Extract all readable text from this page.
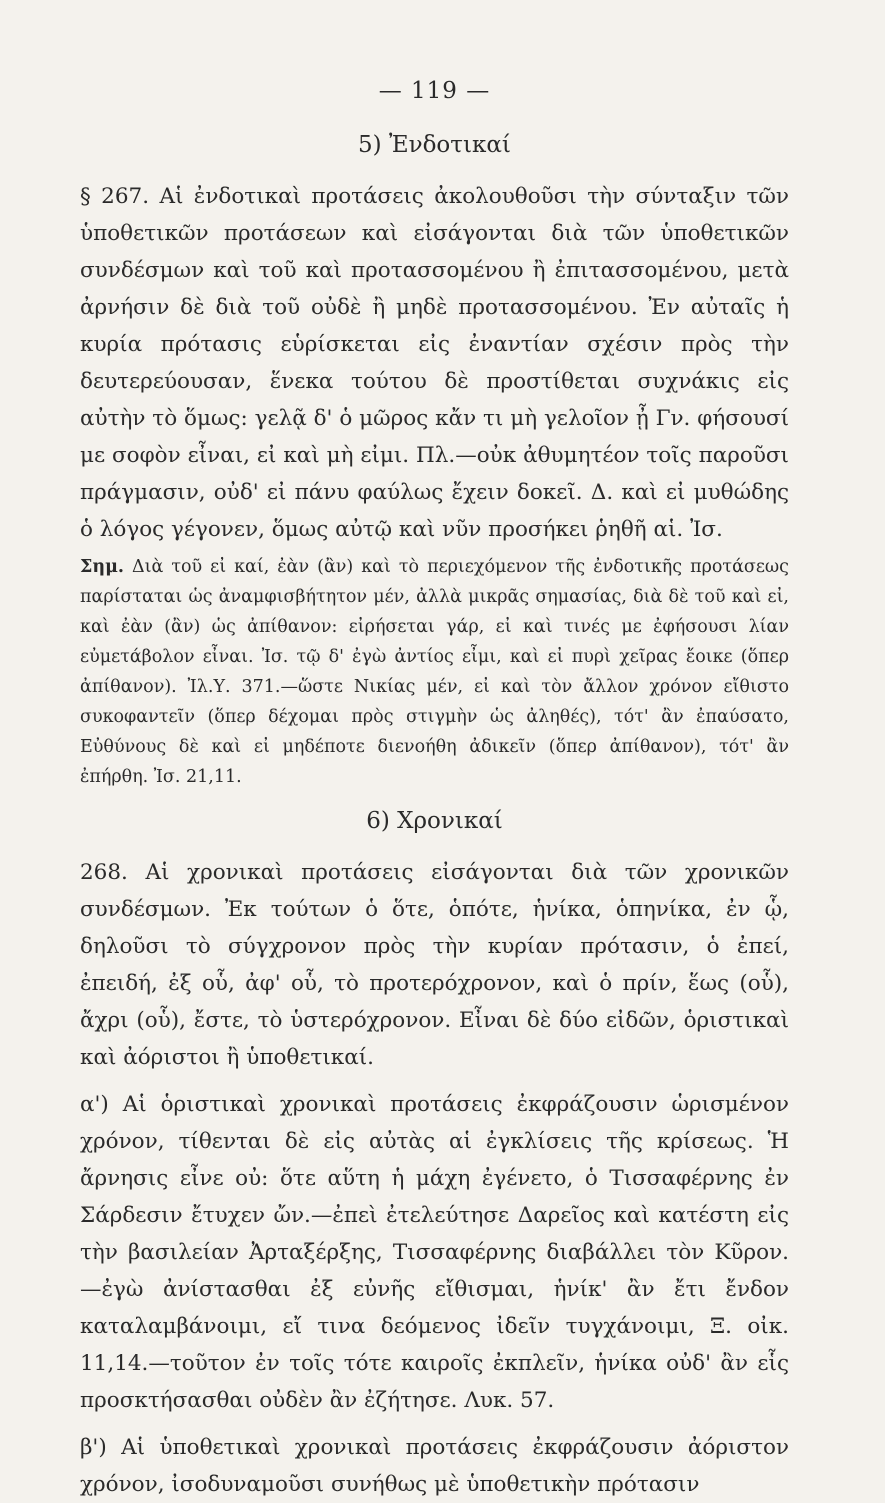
— 119 —
5) Ἐνδοτικαί

§ 267. Αἱ ἐνδοτικαὶ προτάσεις ἀκολουθοῦσι τὴν σύνταξιν τῶν ὑποθετικῶν προτάσεων καὶ εἰσάγονται διὰ τῶν ὑποθετικῶν συνδέσμων καὶ τοῦ καὶ προτασσομένου ἢ ἐπιτασσομένου, μετὰ ἀρνήσιν δὲ διὰ τοῦ οὐδὲ ἢ μηδὲ προτασσομένου. Ἐν αὐταῖς ἡ κυρία πρότασις εὑρίσκεται εἰς ἐναντίαν σχέσιν πρὸς τὴν δευτερεύουσαν, ἕνεκα τούτου δὲ προστίθεται συχνάκις εἰς αὐτὴν τὸ ὅμως: γελᾷ δ' ὁ μῶρος κἄν τι μὴ γελοῖον ᾖ Γν. φήσουσί με σοφὸν εἶναι, εἰ καὶ μὴ εἰμι. Πλ.—οὐκ ἀθυμητέον τοῖς παροῦσι πράγμασιν, οὐδ' εἰ πάνυ φαύλως ἔχειν δοκεῖ. Δ. καὶ εἰ μυθώδης ὁ λόγος γέγονεν, ὅμως αὐτῷ καὶ νῦν προσήκει ῥηθῆ αἱ. Ἰσ.

Σημ. Διὰ τοῦ εἰ καί, ἐὰν (ἂν) καὶ τὸ περιεχόμενον τῆς ἐνδοτικῆς προτάσεως παρίσταται ὡς ἀναμφισβήτητον μέν, ἀλλὰ μικρᾶς σημασίας, διὰ δὲ τοῦ καὶ εἰ, καὶ ἐὰν (ἂν) ὡς ἀπίθανον: εἰρήσεται γάρ, εἰ καὶ τινές με ἐφήσουσι λίαν εὐμετάβολον εἶναι. Ἰσ. τῷ δ' ἐγὼ ἀντίος εἶμι, καὶ εἰ πυρὶ χεῖρας ἔοικε (ὅπερ ἀπίθανον). Ἰλ.Υ. 371.—ὥστε Νικίας μέν, εἰ καὶ τὸν ἄλλον χρόνον εἴθιστο συκοφαντεῖν (ὅπερ δέχομαι πρὸς στιγμὴν ὡς ἀληθές), τότ' ἂν ἐπαύσατο, Εὐθύνους δὲ καὶ εἰ μηδέποτε διενοήθη ἀδικεῖν (ὅπερ ἀπίθανον), τότ' ἂν ἐπήρθη. Ἰσ. 21,11.

6) Χρονικαί

268. Αἱ χρονικαὶ προτάσεις εἰσάγονται διὰ τῶν χρονικῶν συνδέσμων. Ἐκ τούτων ὁ ὅτε, ὁπότε, ἡνίκα, ὁπηνίκα, ἐν ᾧ, δηλοῦσι τὸ σύγχρονον πρὸς τὴν κυρίαν πρότασιν, ὁ ἐπεί, ἐπειδή, ἐξ οὗ, ἀφ' οὗ, τὸ προτερόχρονον, καὶ ὁ πρίν, ἕως (οὗ), ἄχρι (οὗ), ἔστε, τὸ ὑστερόχρονον. Εἶναι δὲ δύο εἰδῶν, ὁριστικαὶ καὶ ἀόριστοι ἢ ὑποθετικαί.

α') Αἱ ὁριστικαὶ χρονικαὶ προτάσεις ἐκφράζουσιν ὡρισμένον χρόνον, τίθενται δὲ εἰς αὐτὰς αἱ ἐγκλίσεις τῆς κρίσεως. Ἡ ἄρνησις εἶνε οὐ: ὅτε αὕτη ἡ μάχη ἐγένετο, ὁ Τισσαφέρνης ἐν Σάρδεσιν ἔτυχεν ὤν.—ἐπεὶ ἐτελεύτησε Δαρεῖος καὶ κατέστη εἰς τὴν βασιλείαν Ἀρταξέρξης, Τισσαφέρνης διαβάλλει τὸν Κῦρον.—ἐγὼ ἀνίστασθαι ἐξ εὐνῆς εἴθισμαι, ἡνίκ' ἂν ἔτι ἔνδον καταλαμβάνοιμι, εἴ τινα δεόμενος ἰδεῖν τυγχάνοιμι, Ξ. οἰκ. 11,14.—τοῦτον ἐν τοῖς τότε καιροῖς ἐκπλεῖν, ἡνίκα οὐδ' ἂν εἷς προσκτήσασθαι οὐδὲν ἂν ἐζήτησε. Λυκ. 57.

β') Αἱ ὑποθετικαὶ χρονικαὶ προτάσεις ἐκφράζουσιν ἀόριστον χρόνον, ἰσοδυναμοῦσι συνήθως μὲ ὑποθετικὴν πρότασιν
